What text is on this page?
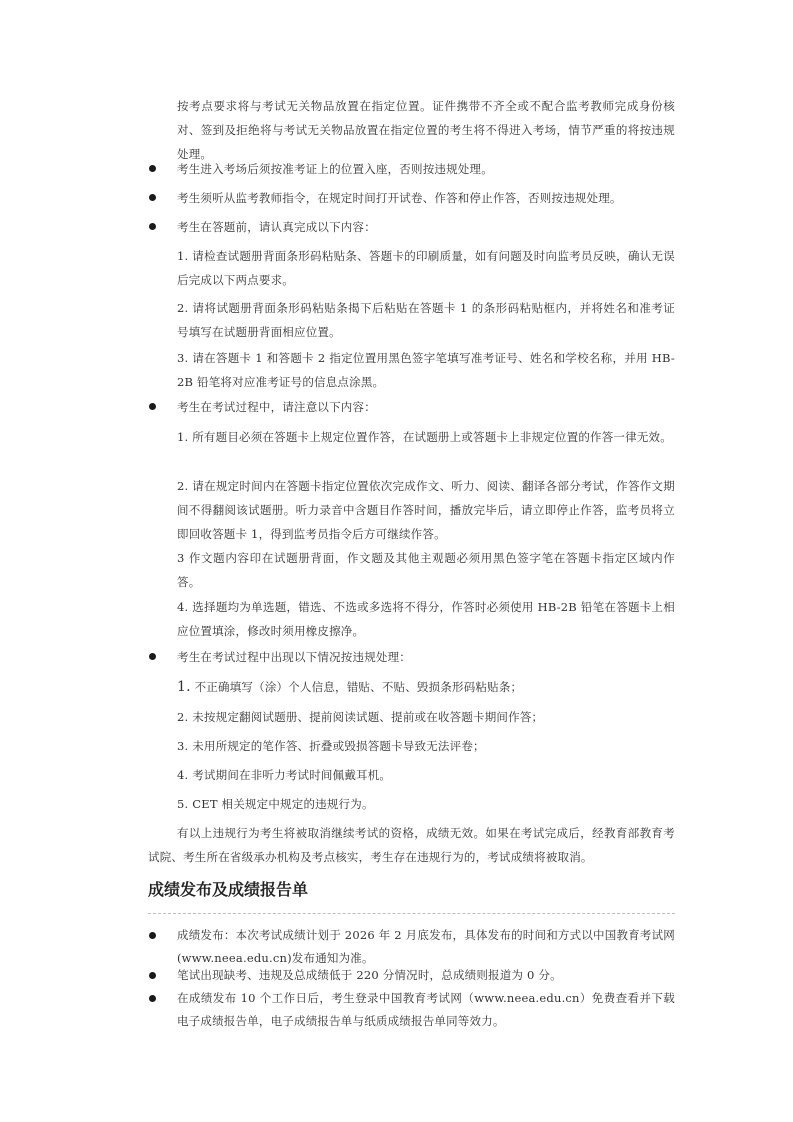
按考点要求将与考试无关物品放置在指定位置。证件携带不齐全或不配合监考教师完成身份核对、签到及拒绝将与考试无关物品放置在指定位置的考生将不得进入考场，情节严重的将按违规处理。

考生进入考场后须按准考证上的位置入座，否则按违规处理。

考生须听从监考教师指令，在规定时间打开试卷、作答和停止作答，否则按违规处理。

考生在答题前，请认真完成以下内容：

1. 请检查试题册背面条形码粘贴条、答题卡的印刷质量，如有问题及时向监考员反映，确认无误后完成以下两点要求。

2. 请将试题册背面条形码粘贴条揭下后粘贴在答题卡 1 的条形码粘贴框内，并将姓名和准考证号填写在试题册背面相应位置。

3. 请在答题卡 1 和答题卡 2 指定位置用黑色签字笔填写准考证号、姓名和学校名称，并用 HB-2B 铅笔将对应准考证号的信息点涂黑。

考生在考试过程中，请注意以下内容：

1. 所有题目必须在答题卡上规定位置作答，在试题册上或答题卡上非规定位置的作答一律无效。

2. 请在规定时间内在答题卡指定位置依次完成作文、听力、阅读、翻译各部分考试，作答作文期间不得翻阅该试题册。听力录音中含题目作答时间，播放完毕后，请立即停止作答，监考员将立即回收答题卡 1，得到监考员指令后方可继续作答。

3 作文题内容印在试题册背面，作文题及其他主观题必须用黑色签字笔在答题卡指定区域内作答。

4. 选择题均为单选题，错选、不选或多选将不得分，作答时必须使用 HB-2B 铅笔在答题卡上相应位置填涂，修改时须用橡皮擦净。

考生在考试过程中出现以下情况按违规处理：

1. 不正确填写（涂）个人信息，错贴、不贴、毁损条形码粘贴条；

2. 未按规定翻阅试题册、提前阅读试题、提前或在收答题卡期间作答；

3. 未用所规定的笔作答、折叠或毁损答题卡导致无法评卷；

4. 考试期间在非听力考试时间佩戴耳机。

5. CET 相关规定中规定的违规行为。

有以上违规行为考生将被取消继续考试的资格，成绩无效。如果在考试完成后，经教育部教育考试院、考生所在省级承办机构及考点核实，考生存在违规行为的，考试成绩将被取消。

成绩发布及成绩报告单

成绩发布：本次考试成绩计划于 2026 年 2 月底发布，具体发布的时间和方式以中国教育考试网(www.neea.edu.cn)发布通知为准。

笔试出现缺考、违规及总成绩低于 220 分情况时，总成绩则报道为 0 分。

在成绩发布 10 个工作日后，考生登录中国教育考试网（www.neea.edu.cn）免费查看并下载电子成绩报告单，电子成绩报告单与纸质成绩报告单同等效力。
